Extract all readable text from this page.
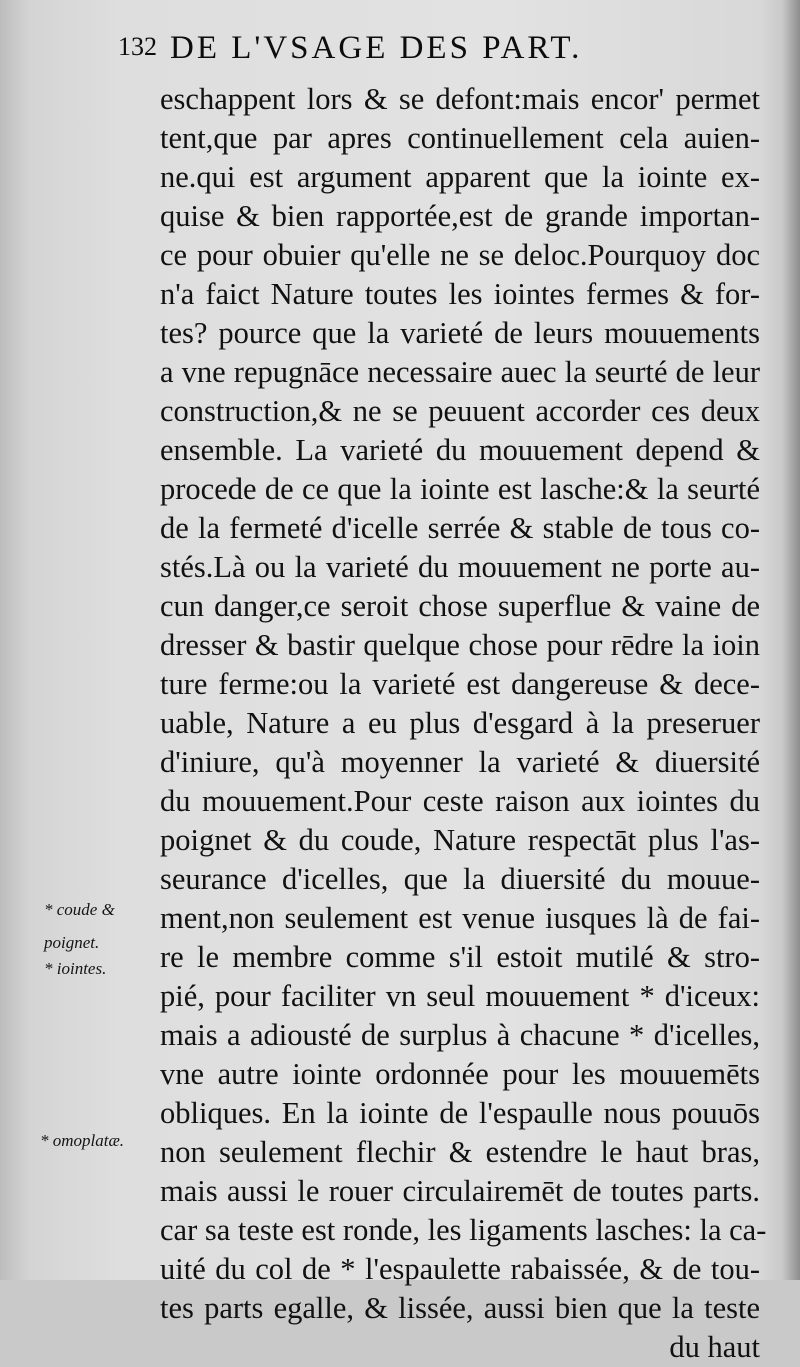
132 DE L'VSAGE DES PART.
eschappent lors & se defont:mais encor' permet
tent,que par apres continuellement cela auien-
ne.qui est argument apparent que la iointe ex-
quise & bien rapportée,est de grande importan-
ce pour obuier qu'elle ne se deloc.Pourquoy doc
n'a faict Nature toutes les iointes fermes & for-
tes? pource que la varieté de leurs mouuements
a vne repugnāce necessaire auec la seurté de leur
construction,& ne se peuuent accorder ces deux
ensemble. La varieté du mouuement depend &
procede de ce que la iointe est lasche:& la seurté
de la fermeté d'icelle serrée & stable de tous co-
stés.Là ou la varieté du mouuement ne porte au-
cun danger,ce seroit chose superflue & vaine de
dresser & bastir quelque chose pour rēdre la ioin
ture ferme:ou la varieté est dangereuse & dece-
uable, Nature a eu plus d'esgard à la preseruer
d'iniure, qu'à moyenner la varieté & diuersité
du mouuement.Pour ceste raison aux iointes du
poignet & du coude, Nature respectāt plus l'as-
seurance d'icelles, que la diuersité du mouue-
ment,non seulement est venue iusques là de fai-
re le membre comme s'il estoit mutilé & stro-
pié, pour faciliter vn seul mouuement * d'iceux:
mais a adiousté de surplus à chacune * d'icelles,
vne autre iointe ordonnée pour les mouuemēts
obliques. En la iointe de l'espaulle nous pouuōs
non seulement flechir & estendre le haut bras,
mais aussi le rouer circulairemēt de toutes parts.
car sa teste est ronde, les ligaments lasches: la ca-
uité du col de * l'espaulette rabaissée, & de tou-
tes parts egalle, & lissée, aussi bien que la teste
du haut
* coude &
poignet.
* iointes.
* omoplatæ.
